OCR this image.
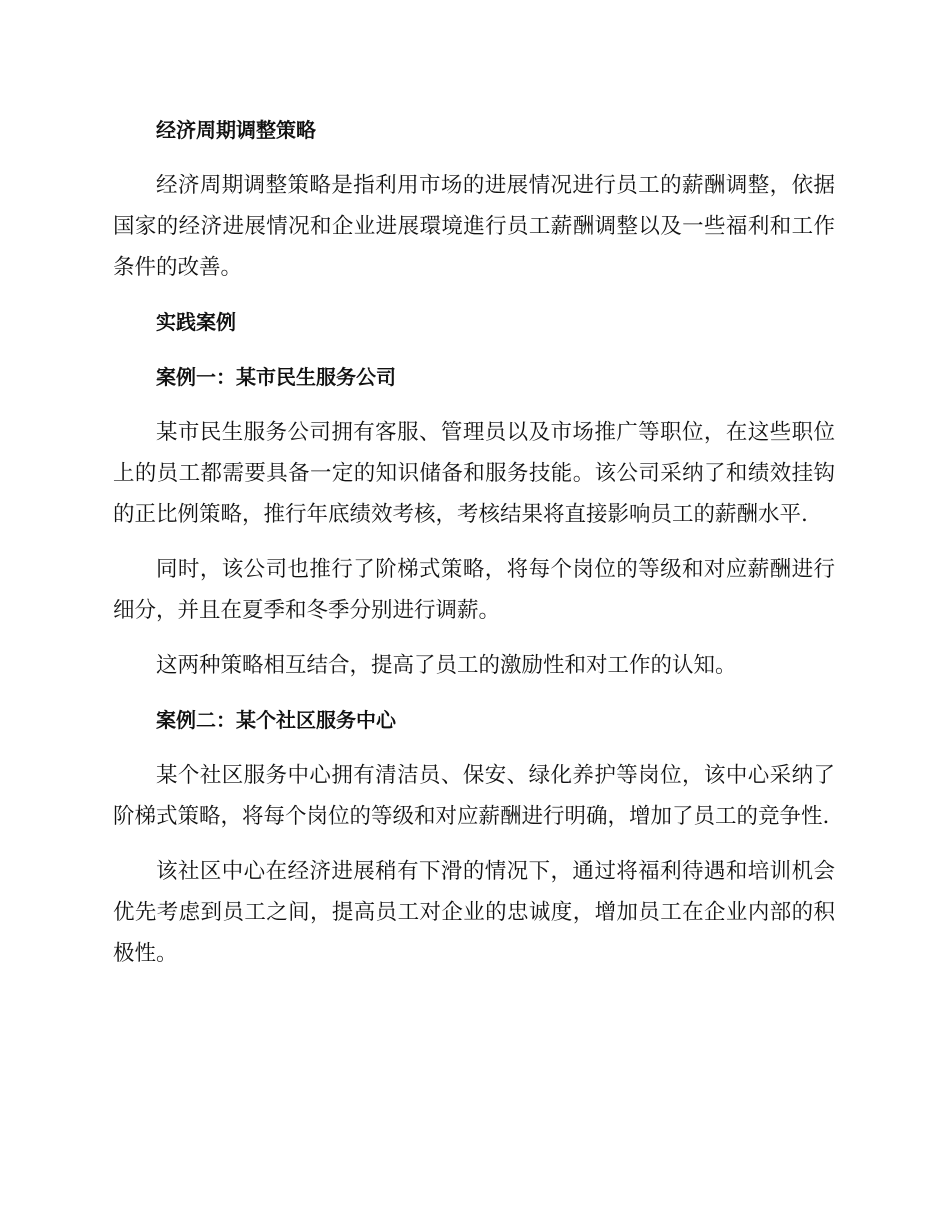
经济周期调整策略

经济周期调整策略是指利用市场的进展情况进行员工的薪酬调整，依据国家的经济进展情况和企业进展環境進行员工薪酬调整以及一些福利和工作条件的改善。

实践案例
案例一：某市民生服务公司

某市民生服务公司拥有客服、管理员以及市场推广等职位，在这些职位上的员工都需要具备一定的知识储备和服务技能。该公司采纳了和绩效挂钩的正比例策略，推行年底绩效考核，考核结果将直接影响员工的薪酬水平.

同时，该公司也推行了阶梯式策略，将每个岗位的等级和对应薪酬进行细分，并且在夏季和冬季分别进行调薪。

这两种策略相互结合，提高了员工的激励性和对工作的认知。

案例二：某个社区服务中心

某个社区服务中心拥有清洁员、保安、绿化养护等岗位，该中心采纳了阶梯式策略，将每个岗位的等级和对应薪酬进行明确，增加了员工的竞争性.

该社区中心在经济进展稍有下滑的情况下，通过将福利待遇和培训机会优先考虑到员工之间，提高员工对企业的忠诚度，增加员工在企业内部的积极性。
